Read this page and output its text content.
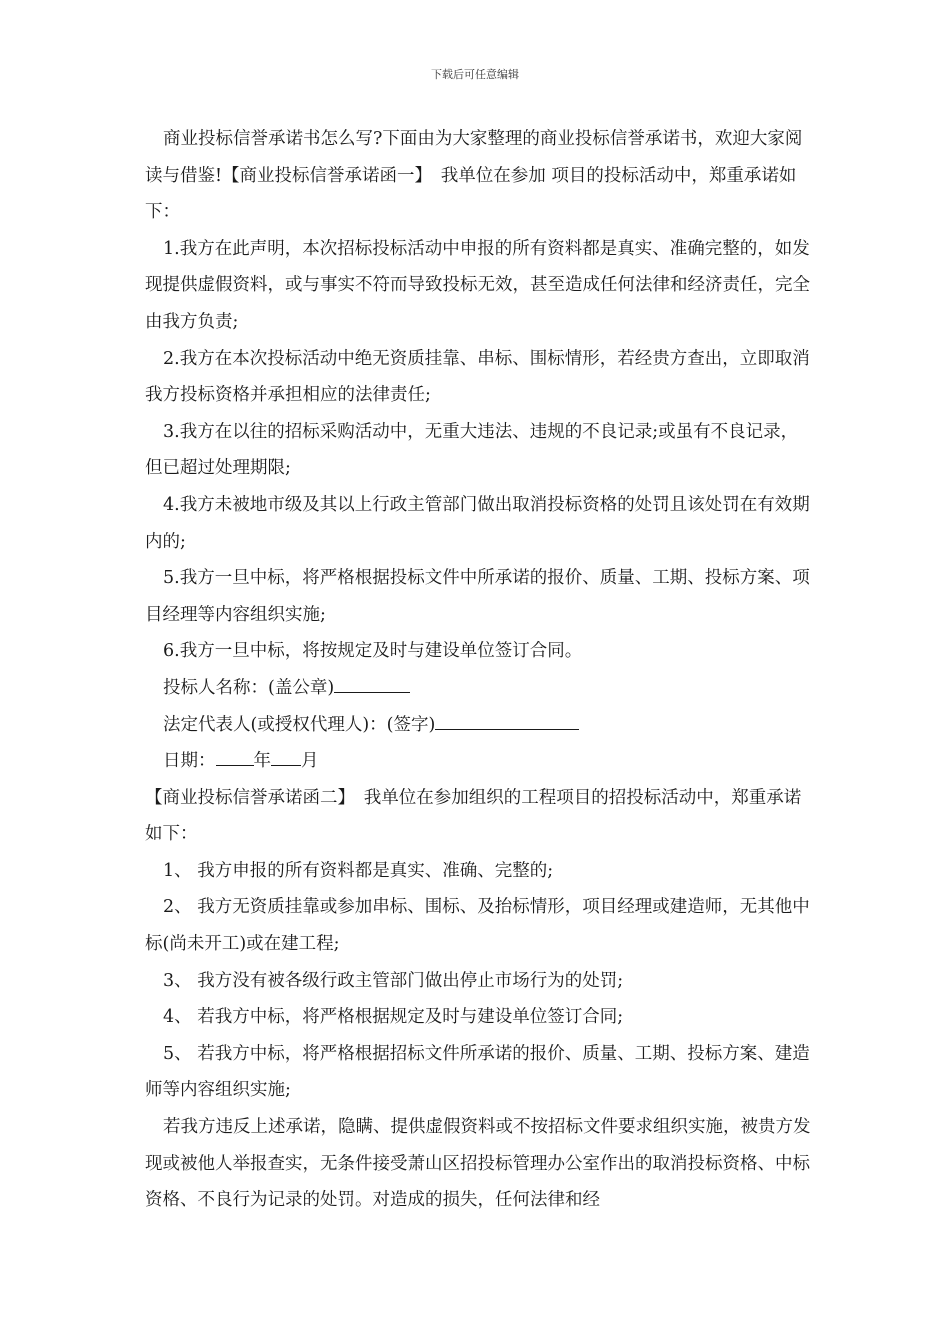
下载后可任意编辑

商业投标信誉承诺书怎么写?下面由为大家整理的商业投标信誉承诺书，欢迎大家阅读与借鉴!【商业投标信誉承诺函一】　我单位在参加 项目的投标活动中，郑重承诺如下：

1.我方在此声明，本次招标投标活动中申报的所有资料都是真实、准确完整的，如发现提供虚假资料，或与事实不符而导致投标无效，甚至造成任何法律和经济责任，完全由我方负责;

2.我方在本次投标活动中绝无资质挂靠、串标、围标情形，若经贵方查出，立即取消我方投标资格并承担相应的法律责任;

3.我方在以往的招标采购活动中，无重大违法、违规的不良记录;或虽有不良记录，但已超过处理期限;

4.我方未被地市级及其以上行政主管部门做出取消投标资格的处罚且该处罚在有效期内的;

5.我方一旦中标，将严格根据投标文件中所承诺的报价、质量、工期、投标方案、项目经理等内容组织实施;

6.我方一旦中标，将按规定及时与建设单位签订合同。

投标人名称：(盖公章)

法定代表人(或授权代理人)：(签字)

日期： 年 月

【商业投标信誉承诺函二】　我单位在参加组织的工程项目的招投标活动中，郑重承诺如下：

1、 我方申报的所有资料都是真实、准确、完整的;

2、 我方无资质挂靠或参加串标、围标、及抬标情形，项目经理或建造师，无其他中标(尚未开工)或在建工程;

3、 我方没有被各级行政主管部门做出停止市场行为的处罚;

4、 若我方中标，将严格根据规定及时与建设单位签订合同;

5、 若我方中标，将严格根据招标文件所承诺的报价、质量、工期、投标方案、建造师等内容组织实施;

若我方违反上述承诺，隐瞒、提供虚假资料或不按招标文件要求组织实施，被贵方发现或被他人举报查实，无条件接受萧山区招投标管理办公室作出的取消投标资格、中标资格、不良行为记录的处罚。对造成的损失，任何法律和经
